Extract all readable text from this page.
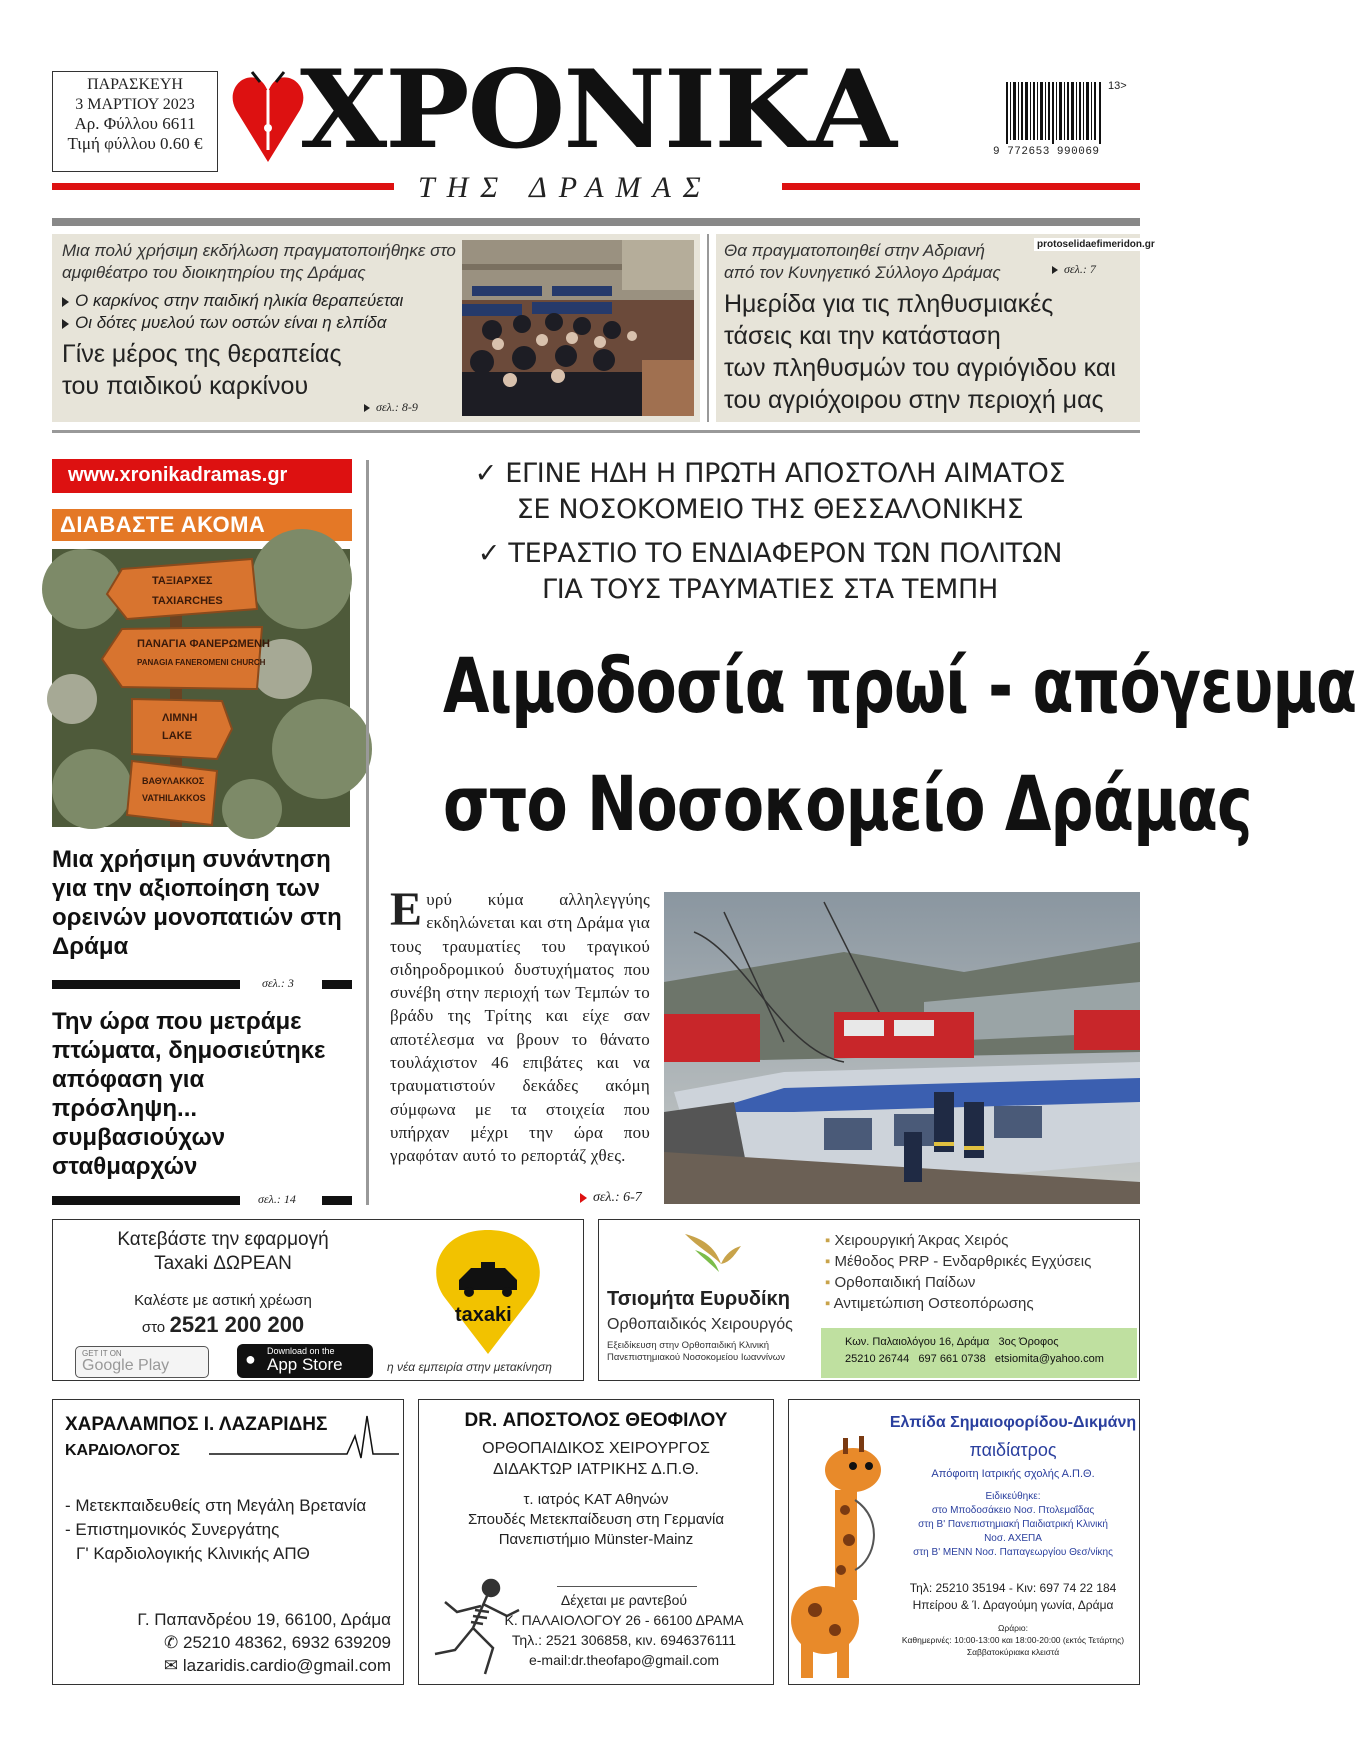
ΠΑΡΑΣΚΕΥΗ
3 ΜΑΡΤΙΟΥ 2023
Αρ. Φύλλου 6611
Τιμή φύλλου 0.60 € ΧΡΟΝΙΚΑ
ΤΗΣ ΔΡΑΜΑΣ
9 772653 990069
13>
Μια πολύ χρήσιμη εκδήλωση πραγματοποιήθηκε στο αμφιθέατρο του διοικητηρίου της Δράμας
Ο καρκίνος στην παιδική ηλικία θεραπεύεται
Οι δότες μυελού των οστών είναι η ελπίδα
Γίνε μέρος της θεραπείας
του παιδικού καρκίνου
σελ.: 8-9
Θα πραγματοποιηθεί στην Αδριανή
από τον Κυνηγετικό Σύλλογο Δράμας
protoselidaefimeridon.gr
σελ.: 7
Ημερίδα για τις πληθυσμιακές
τάσεις και την κατάσταση
των πληθυσμών του αγριόγιδου και
του αγριόχοιρου στην περιοχή μας
www.xronikadramas.gr
ΔΙΑΒΑΣΤΕ ΑΚΟΜΑ
ΤΑΞΙΑΡΧΕΣ
TAXIARCHES
ΠΑΝΑΓΙΑ ΦΑΝΕΡΩΜΕΝΗ
PANAGIA FANEROMENI CHURCH
ΛΙΜΝΗ
LAKE
ΒΑΘΥΛΑΚΚΟΣ
VATHILAKKOS
Μια χρήσιμη συνάντηση για την αξιοποίηση των ορεινών μονοπατιών στη Δράμα
σελ.: 3
Την ώρα που μετράμε πτώματα, δημοσιεύτηκε απόφαση για πρόσληψη... συμβασιούχων σταθμαρχών
σελ.: 14
✓ ΕΓΙΝΕ ΗΔΗ Η ΠΡΩΤΗ ΑΠΟΣΤΟΛΗ ΑΙΜΑΤΟΣ
ΣΕ ΝΟΣΟΚΟΜΕΙΟ ΤΗΣ ΘΕΣΣΑΛΟΝΙΚΗΣ
✓ ΤΕΡΑΣΤΙΟ ΤΟ ΕΝΔΙΑΦΕΡΟΝ ΤΩΝ ΠΟΛΙΤΩΝ
ΓΙΑ ΤΟΥΣ ΤΡΑΥΜΑΤΙΕΣ ΣΤΑ ΤΕΜΠΗ
Αιμοδοσία πρωί - απόγευμα
στο Νοσοκομείο Δράμας
Ευρύ κύμα αλληλεγγύης εκδηλώνεται και στη Δράμα για τους τραυματίες του τραγικού σιδηροδρομικού δυστυχήματος που συνέβη στην περιοχή των Τεμπών το βράδυ της Τρίτης και είχε σαν αποτέλεσμα να βρουν το θάνατο τουλάχιστον 46 επιβάτες και να τραυματιστούν δεκάδες ακόμη σύμφωνα με τα στοιχεία που υπήρχαν μέχρι την ώρα που γραφόταν αυτό το ρεπορτάζ χθες.
σελ.: 6-7
Κατεβάστε την εφαρμογή
Taxaki ΔΩΡΕΑΝ
Καλέστε με αστική χρέωση
στο 2521 200 200
GET IT ON
Google Play	● Download on the
App Store
taxaki
η νέα εμπειρία στην μετακίνηση
Τσιομήτα Ευρυδίκη
Ορθοπαιδικός Χειρουργός
Εξειδίκευση στην Ορθοπαιδική Κλινική
Πανεπιστημιακού Νοσοκομείου Ιωαννίνων
▪ Χειρουργική Άκρας Χειρός
▪ Μέθοδος PRP - Ενδαρθρικές Εγχύσεις
▪ Ορθοπαιδική Παίδων
▪ Αντιμετώπιση Οστεοπόρωσης
Κων. Παλαιολόγου 16, Δράμα 3ος Όροφος
25210 26744 697 661 0738 etsiomita@yahoo.com
ΧΑΡΑΛΑΜΠΟΣ Ι. ΛΑΖΑΡΙΔΗΣ
ΚΑΡΔΙΟΛΟΓΟΣ
- Μετεκπαιδευθείς στη Μεγάλη Βρετανία
- Επιστημονικός Συνεργάτης
Γ' Καρδιολογικής Κλινικής ΑΠΘ
Γ. Παπανδρέου 19, 66100, Δράμα
✆ 25210 48362, 6932 639209
✉ lazaridis.cardio@gmail.com
DR. ΑΠΟΣΤΟΛΟΣ ΘΕΟΦΙΛΟΥ
ΟΡΘΟΠΑΙΔΙΚΟΣ ΧΕΙΡΟΥΡΓΟΣ
ΔΙΔΑΚΤΩΡ ΙΑΤΡΙΚΗΣ Δ.Π.Θ.
τ. ιατρός ΚΑΤ Αθηνών
Σπουδές Μετεκπαίδευση στη Γερμανία
Πανεπιστήμιο Münster-Mainz
Δέχεται με ραντεβού
Κ. ΠΑΛΑΙΟΛΟΓΟΥ 26 - 66100 ΔΡΑΜΑ
Τηλ.: 2521 306858, κιν. 6946376111
e-mail:dr.theofapo@gmail.com
Ελπίδα Σημαιοφορίδου-Δικμάνη
παιδίατρος
Απόφοιτη Ιατρικής σχολής Α.Π.Θ.
Ειδικεύθηκε:
στο Μποδοσάκειο Νοσ. Πτολεμαΐδας
στη Β' Πανεπιστημιακή Παιδιατρική Κλινική
Νοσ. ΑΧΕΠΑ
στη Β' ΜΕΝΝ Νοσ. Παπαγεωργίου Θεσ/νίκης
Τηλ: 25210 35194 - Κιν: 697 74 22 184
Ηπείρου & Ί. Δραγούμη γωνία, Δράμα
Ωράριο:
Καθημερινές: 10:00-13:00 και 18:00-20:00 (εκτός Τετάρτης)
Σαββατοκύριακα κλειστά
